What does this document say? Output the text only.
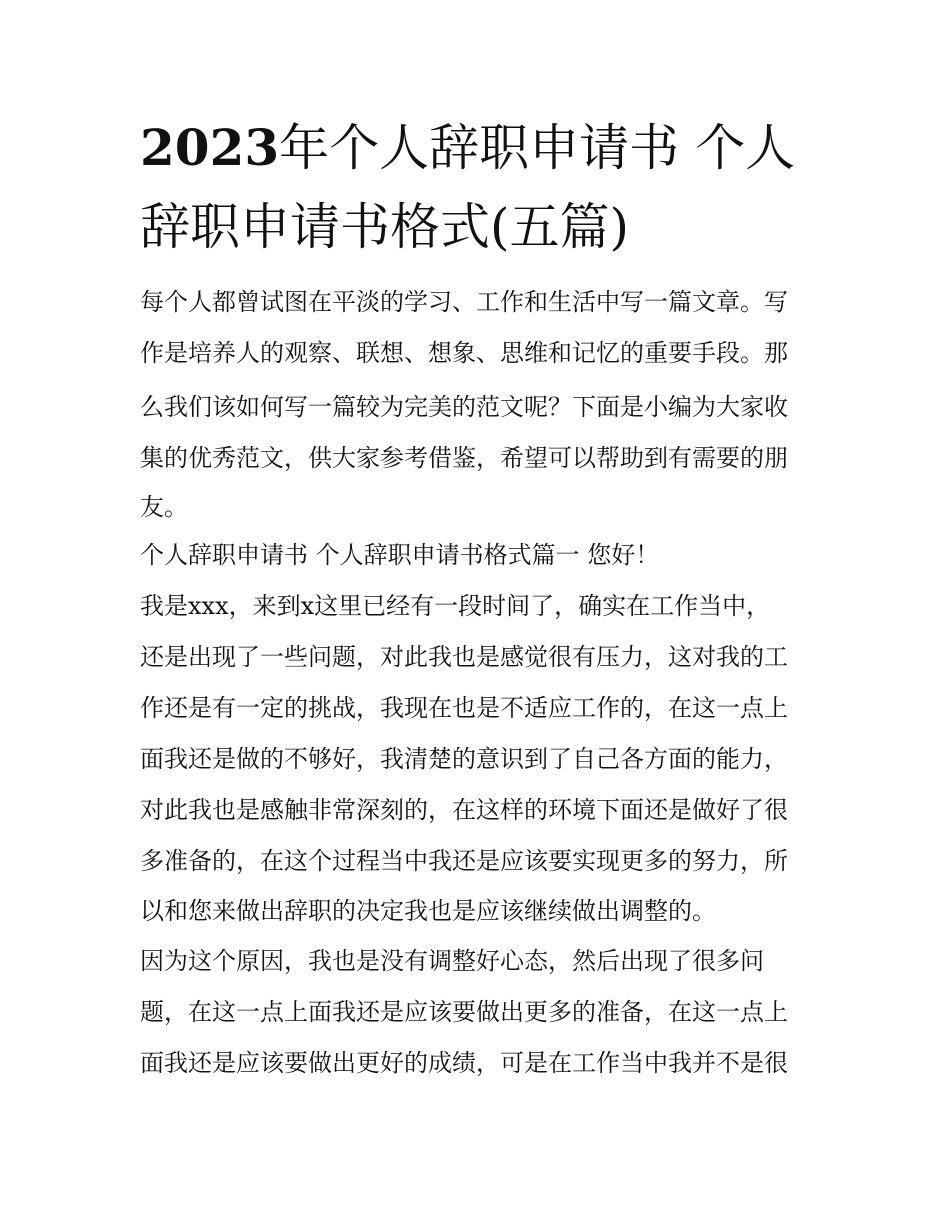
2023年个人辞职申请书 个人
辞职申请书格式(五篇)

每个人都曾试图在平淡的学习、工作和生活中写一篇文章。写
作是培养人的观察、联想、想象、思维和记忆的重要手段。那
么我们该如何写一篇较为完美的范文呢？下面是小编为大家收
集的优秀范文，供大家参考借鉴，希望可以帮助到有需要的朋
友。

个人辞职申请书 个人辞职申请书格式篇一 您好！

我是xxx，来到x这里已经有一段时间了，确实在工作当中，
还是出现了一些问题，对此我也是感觉很有压力，这对我的工
作还是有一定的挑战，我现在也是不适应工作的，在这一点上
面我还是做的不够好，我清楚的意识到了自己各方面的能力，
对此我也是感触非常深刻的，在这样的环境下面还是做好了很
多准备的，在这个过程当中我还是应该要实现更多的努力，所
以和您来做出辞职的决定我也是应该继续做出调整的。

因为这个原因，我也是没有调整好心态，然后出现了很多问
题，在这一点上面我还是应该要做出更多的准备，在这一点上
面我还是应该要做出更好的成绩，可是在工作当中我并不是很
